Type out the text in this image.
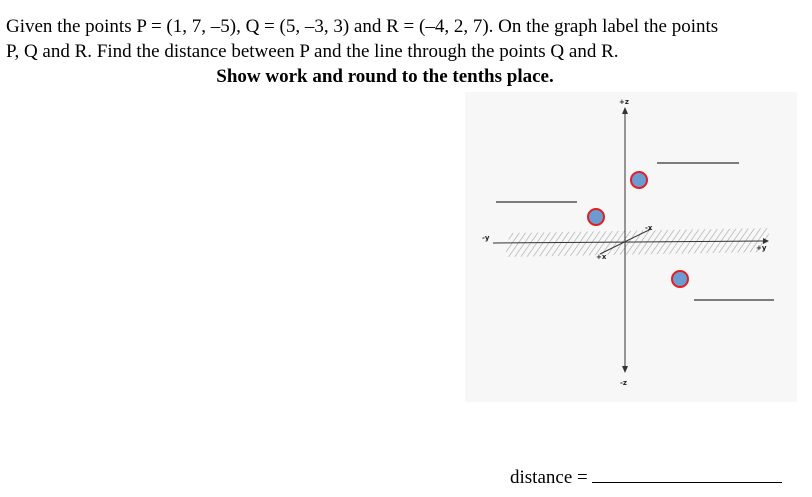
Given the points P = (1, 7, –5), Q = (5, –3, 3) and R = (–4, 2, 7). On the graph label the points

P, Q and R. Find the distance between P and the line through the points Q and R.

Show work and round to the tenths place.
+z
-z
+y
-y
+x
-x
distance =
